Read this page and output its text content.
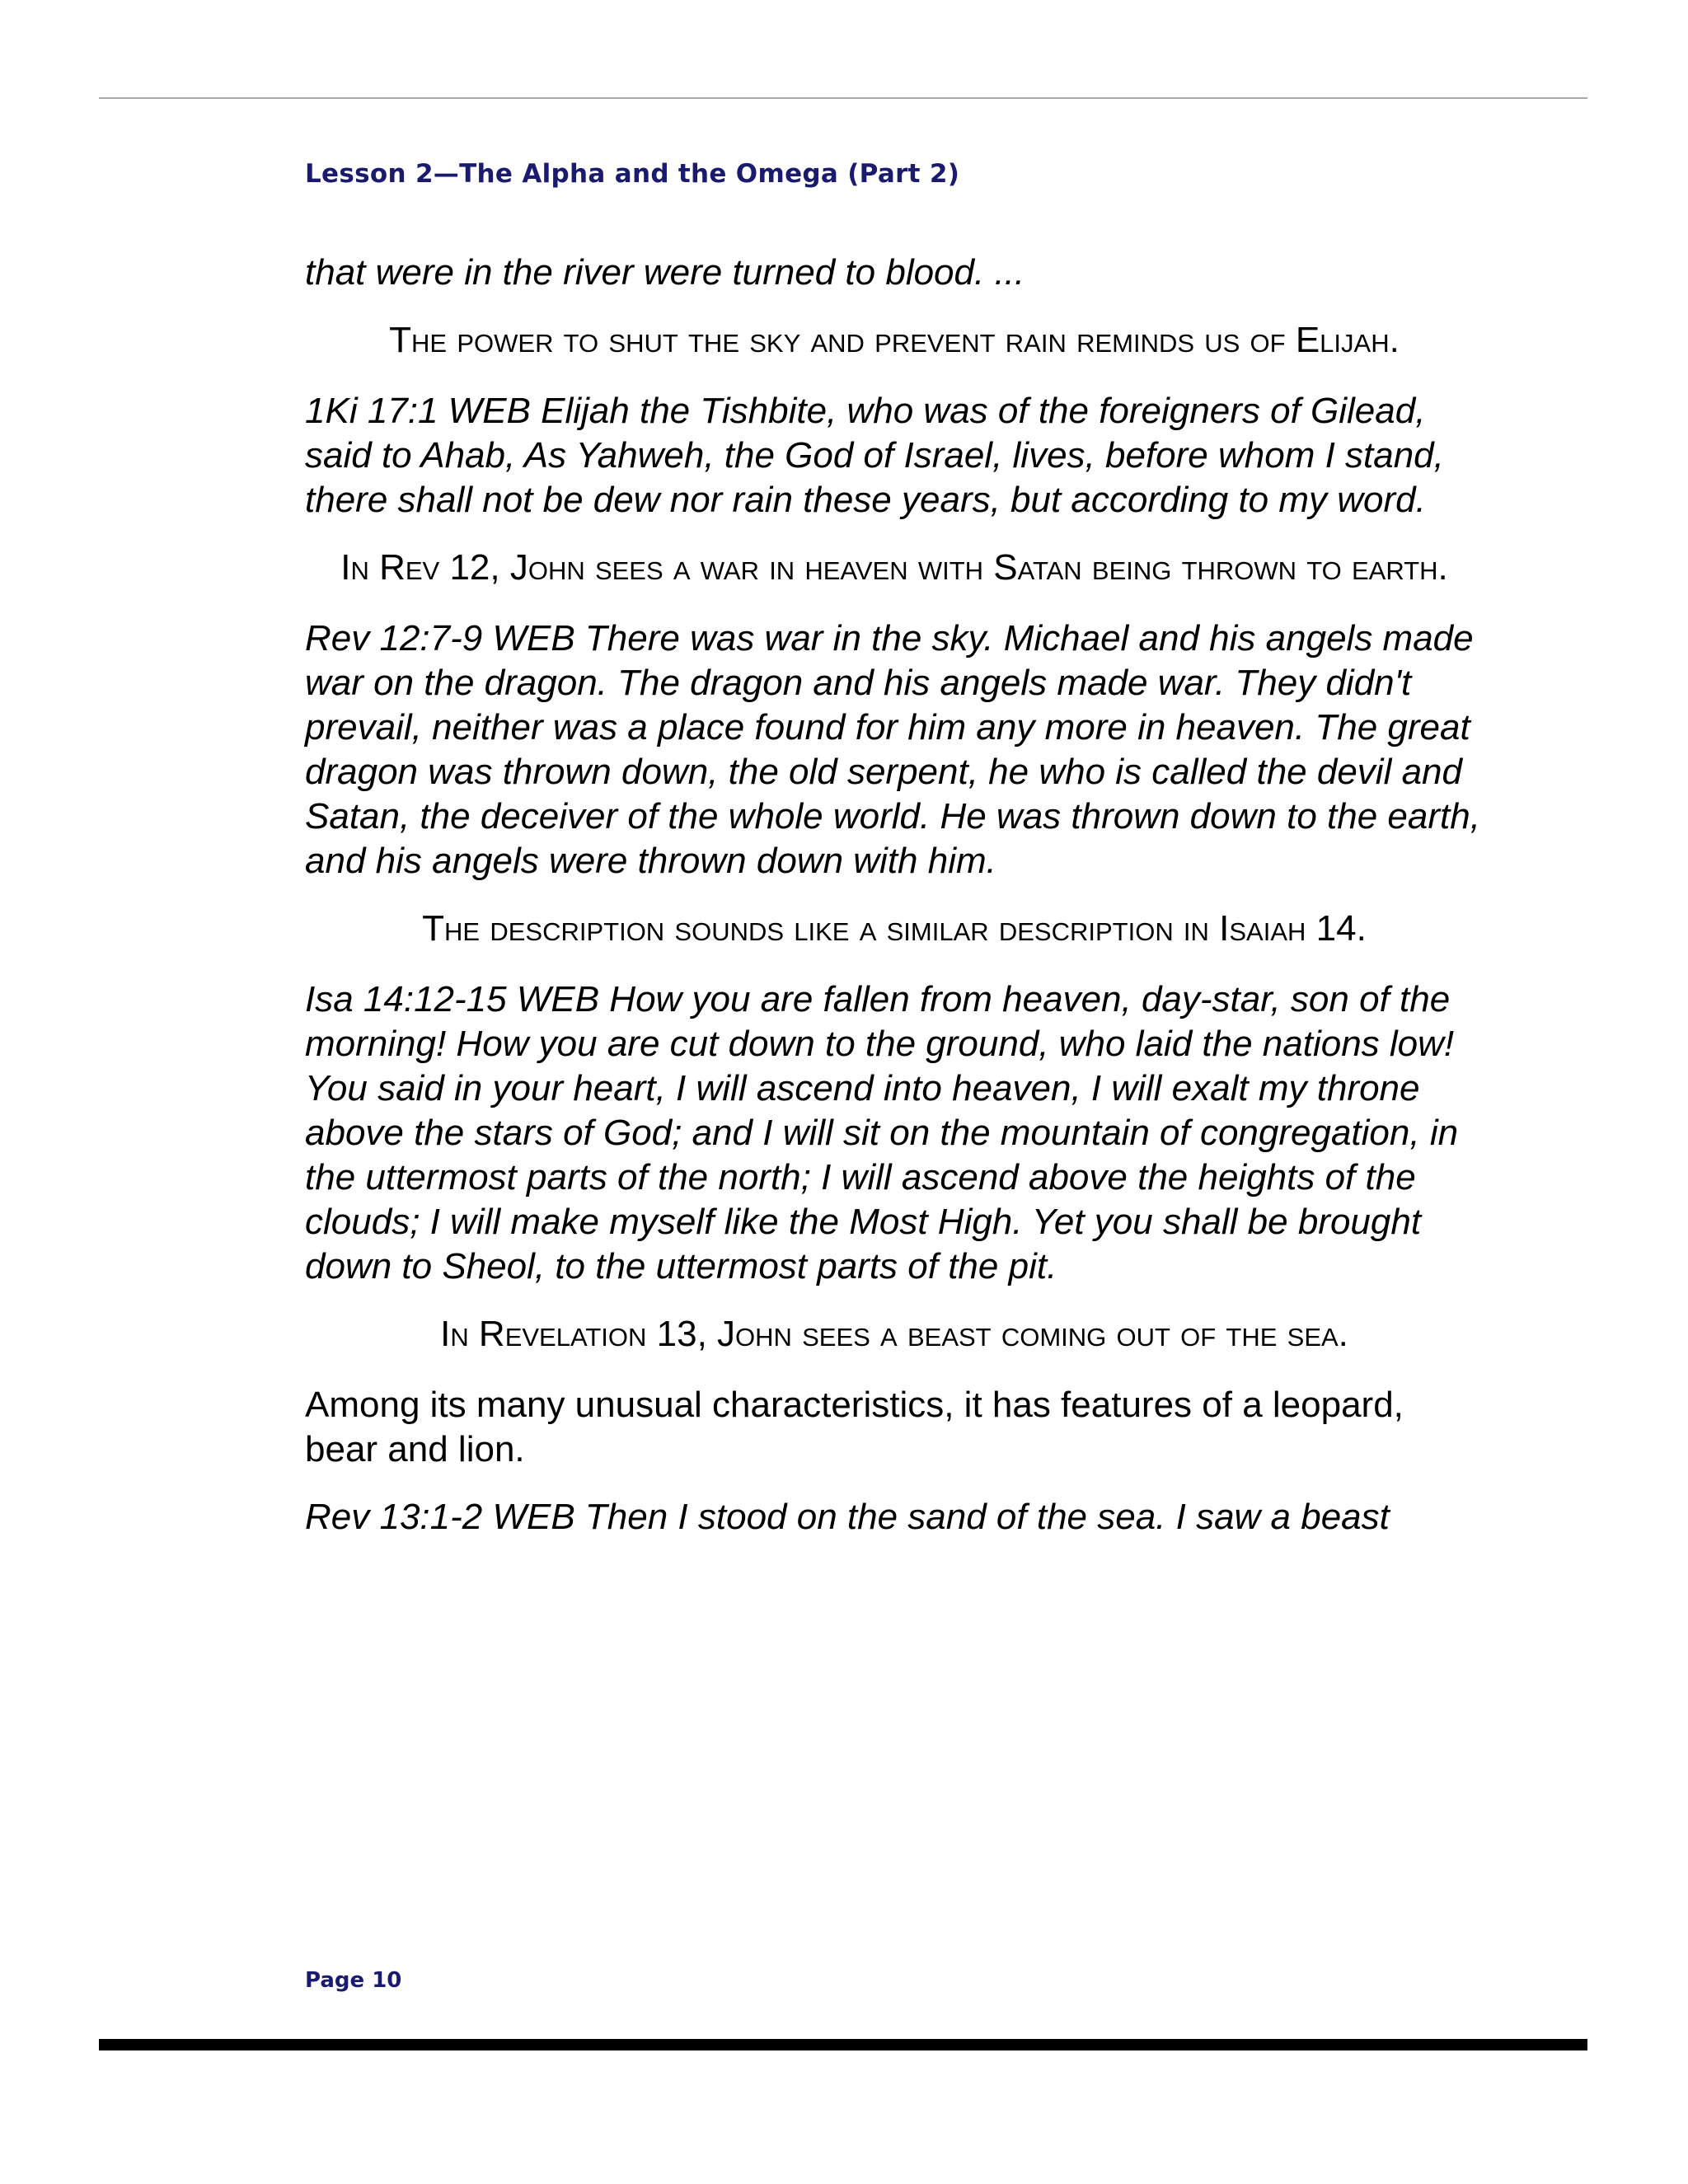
Lesson 2—The Alpha and the Omega (Part 2)

that were in the river were turned to blood. ...

The power to shut the sky and prevent rain reminds us of Elijah.

1Ki 17:1 WEB Elijah the Tishbite, who was of the foreigners of Gilead, said to Ahab, As Yahweh, the God of Israel, lives, before whom I stand, there shall not be dew nor rain these years, but according to my word.

In Rev 12, John sees a war in heaven with Satan being thrown to earth.

Rev 12:7-9 WEB There was war in the sky. Michael and his angels made war on the dragon. The dragon and his angels made war. They didn't prevail, neither was a place found for him any more in heaven. The great dragon was thrown down, the old serpent, he who is called the devil and Satan, the deceiver of the whole world. He was thrown down to the earth, and his angels were thrown down with him.

The description sounds like a similar description in Isaiah 14.

Isa 14:12-15 WEB How you are fallen from heaven, day-star, son of the morning! How you are cut down to the ground, who laid the nations low! You said in your heart, I will ascend into heaven, I will exalt my throne above the stars of God; and I will sit on the mountain of congregation, in the uttermost parts of the north; I will ascend above the heights of the clouds; I will make myself like the Most High. Yet you shall be brought down to Sheol, to the uttermost parts of the pit.

In Revelation 13, John sees a beast coming out of the sea.

Among its many unusual characteristics, it has features of a leopard, bear and lion.

Rev 13:1-2 WEB Then I stood on the sand of the sea. I saw a beast

Page 10
